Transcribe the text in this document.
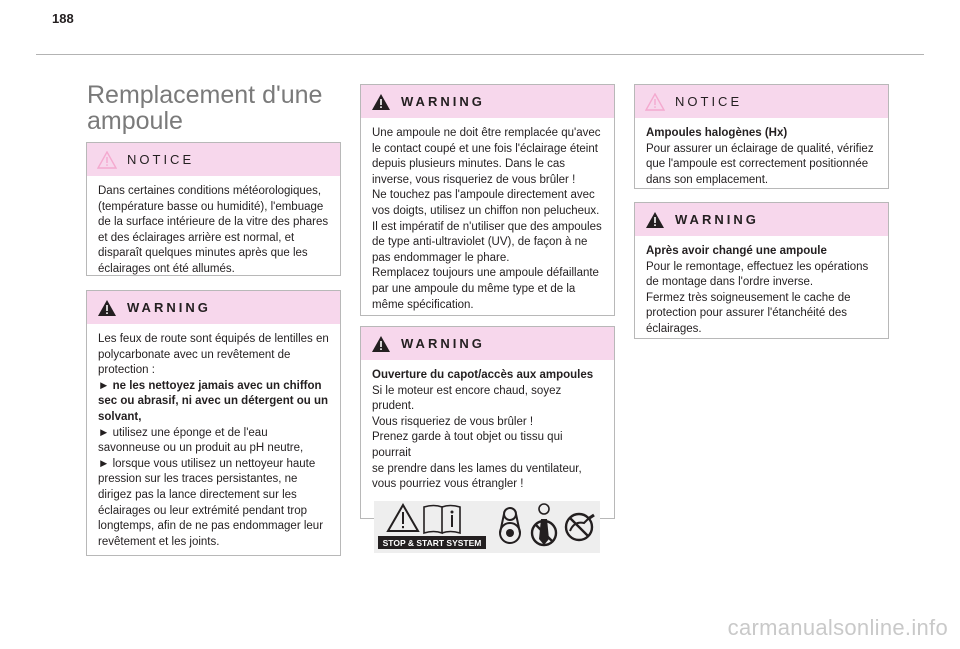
188
Remplacement d'une ampoule
NOTICE

Dans certaines conditions météorologiques,

(température basse ou humidité), l'embuage

de la surface intérieure de la vitre des phares

et des éclairages arrière est normal, et

disparaît quelques minutes après que les

éclairages ont été allumés.

WARNING

Les feux de route sont équipés de lentilles en

polycarbonate avec un revêtement de

protection :

► ne les nettoyez jamais avec un chiffon

sec ou abrasif, ni avec un détergent ou un

solvant,

► utilisez une éponge et de l'eau

savonneuse ou un produit au pH neutre,

► lorsque vous utilisez un nettoyeur haute

pression sur les traces persistantes, ne

dirigez pas la lance directement sur les

éclairages ou leur extrémité pendant trop

longtemps, afin de ne pas endommager leur

revêtement et les joints.

WARNING

Une ampoule ne doit être remplacée qu'avec

le contact coupé et une fois l'éclairage éteint

depuis plusieurs minutes. Dans le cas

inverse, vous risqueriez de vous brûler !

Ne touchez pas l'ampoule directement avec

vos doigts, utilisez un chiffon non pelucheux.

Il est impératif de n'utiliser que des ampoules

de type anti-ultraviolet (UV), de façon à ne

pas endommager le phare.

Remplacez toujours une ampoule défaillante

par une ampoule du même type et de la

même spécification.

WARNING

Ouverture du capot/accès aux ampoules

Si le moteur est encore chaud, soyez prudent.

Vous risqueriez de vous brûler !

Prenez garde à tout objet ou tissu qui pourrait

se prendre dans les lames du ventilateur,

vous pourriez vous étrangler !

STOP & START SYSTEM
NOTICE

Ampoules halogènes (Hx)

Pour assurer un éclairage de qualité, vérifiez

que l'ampoule est correctement positionnée

dans son emplacement.

WARNING

Après avoir changé une ampoule

Pour le remontage, effectuez les opérations

de montage dans l'ordre inverse.

Fermez très soigneusement le cache de

protection pour assurer l'étanchéité des

éclairages.

carmanualsonline.info
